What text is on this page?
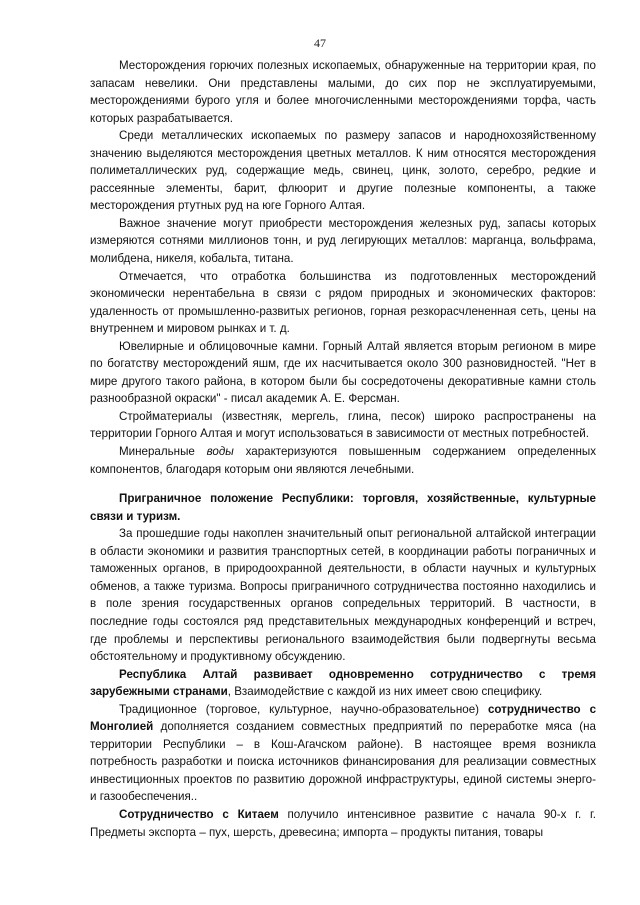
47

Месторождения горючих полезных ископаемых, обнаруженные на территории края, по запасам невелики. Они представлены малыми, до сих пор не эксплуатируемыми, месторождениями бурого угля и более многочисленными месторождениями торфа, часть которых разрабатывается.

Среди металлических ископаемых по размеру запасов и народнохозяйственному значению выделяются месторождения цветных металлов. К ним относятся месторождения полиметаллических руд, содержащие медь, свинец, цинк, золото, серебро, редкие и рассеянные элементы, барит, флюорит и другие полезные компоненты, а также месторождения ртутных руд на юге Горного Алтая.

Важное значение могут приобрести месторождения железных руд, запасы которых измеряются сотнями миллионов тонн, и руд легирующих металлов: марганца, вольфрама, молибдена, никеля, кобальта, титана.

Отмечается, что отработка большинства из подготовленных месторождений экономически нерентабельна в связи с рядом природных и экономических факторов: удаленность от промышленно-развитых регионов, горная резкорасчлененная сеть, цены на внутреннем и мировом рынках и т. д.

Ювелирные и облицовочные камни. Горный Алтай является вторым регионом в мире по богатству месторождений яшм, где их насчитывается около 300 разновидностей. "Нет в мире другого такого района, в котором были бы сосредоточены декоративные камни столь разнообразной окраски" - писал академик А. Е. Ферсман.

Стройматериалы (известняк, мергель, глина, песок) широко распространены на территории Горного Алтая и могут использоваться в зависимости от местных потребностей.

Минеральные воды характеризуются повышенным содержанием определенных компонентов, благодаря которым они являются лечебными.

Приграничное положение Республики: торговля, хозяйственные, культурные связи и туризм.

За прошедшие годы накоплен значительный опыт региональной алтайской интеграции в области экономики и развития транспортных сетей, в координации работы пограничных и таможенных органов, в природоохранной деятельности, в области научных и культурных обменов, а также туризма. Вопросы приграничного сотрудничества постоянно находились и в поле зрения государственных органов сопредельных территорий. В частности, в последние годы состоялся ряд представительных международных конференций и встреч, где проблемы и перспективы регионального взаимодействия были подвергнуты весьма обстоятельному и продуктивному обсуждению.

Республика Алтай развивает одновременно сотрудничество с тремя зарубежными странами, Взаимодействие с каждой из них имеет свою специфику.

Традиционное (торговое, культурное, научно-образовательное) сотрудничество с Монголией дополняется созданием совместных предприятий по переработке мяса (на территории Республики – в Кош-Агачском районе). В настоящее время возникла потребность разработки и поиска источников финансирования для реализации совместных инвестиционных проектов по развитию дорожной инфраструктуры, единой системы энерго- и газообеспечения..

Сотрудничество с Китаем получило интенсивное развитие с начала 90-х г. г. Предметы экспорта – пух, шерсть, древесина; импорта – продукты питания, товары
